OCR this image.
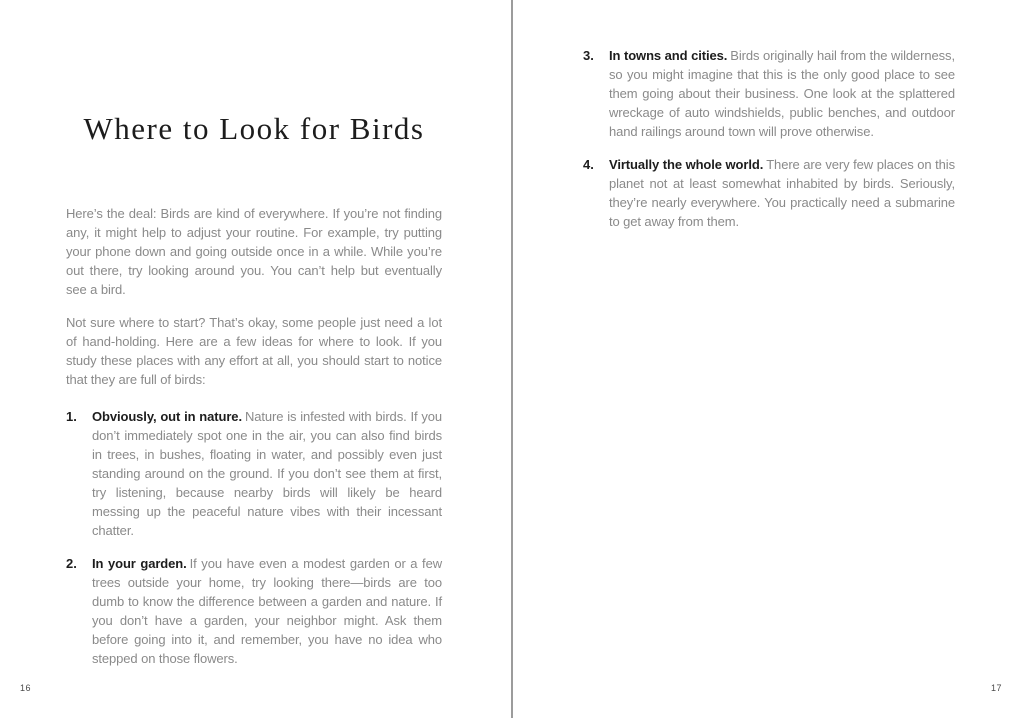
Where to Look for Birds

Here’s the deal: Birds are kind of everywhere. If you’re not finding any, it might help to adjust your routine. For example, try putting your phone down and going outside once in a while. While you’re out there, try looking around you. You can’t help but eventually see a bird.

Not sure where to start? That’s okay, some people just need a lot of hand-holding. Here are a few ideas for where to look. If you study these places with any effort at all, you should start to notice that they are full of birds:

1.	Obviously, out in nature. Nature is infested with birds. If you don’t immediately spot one in the air, you can also find birds in trees, in bushes, floating in water, and possibly even just standing around on the ground. If you don’t see them at first, try listening, because nearby birds will likely be heard messing up the peaceful nature vibes with their incessant chatter.
2.	In your garden. If you have even a modest garden or a few trees outside your home, try looking there—birds are too dumb to know the difference between a garden and nature. If you don’t have a garden, your neighbor might. Ask them before going into it, and remember, you have no idea who stepped on those flowers.
3.	In towns and cities. Birds originally hail from the wilderness, so you might imagine that this is the only good place to see them going about their business. One look at the splattered wreckage of auto windshields, public benches, and outdoor hand railings around town will prove otherwise.
4.	Virtually the whole world. There are very few places on this planet not at least somewhat inhabited by birds. Seriously, they’re nearly everywhere. You practically need a submarine to get away from them.
16	17
